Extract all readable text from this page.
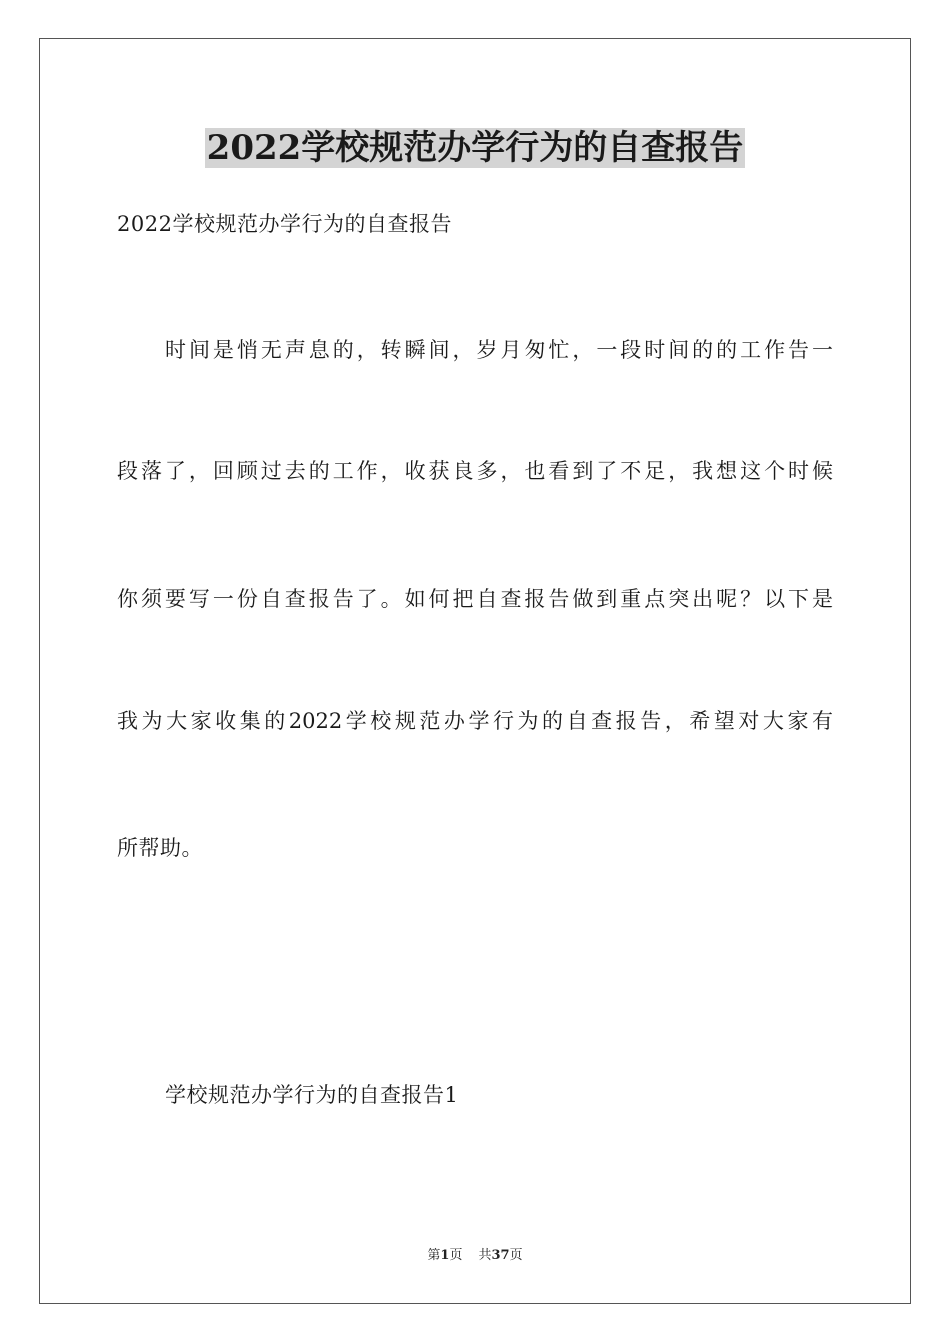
2022学校规范办学行为的自查报告
2022学校规范办学行为的自查报告
时间是悄无声息的，转瞬间，岁月匆忙，一段时间的的工作告一
段落了，回顾过去的工作，收获良多，也看到了不足，我想这个时候
你须要写一份自查报告了。如何把自查报告做到重点突出呢？以下是
我为大家收集的2022学校规范办学行为的自查报告，希望对大家有
所帮助。
学校规范办学行为的自查报告1
第1页 共37页
